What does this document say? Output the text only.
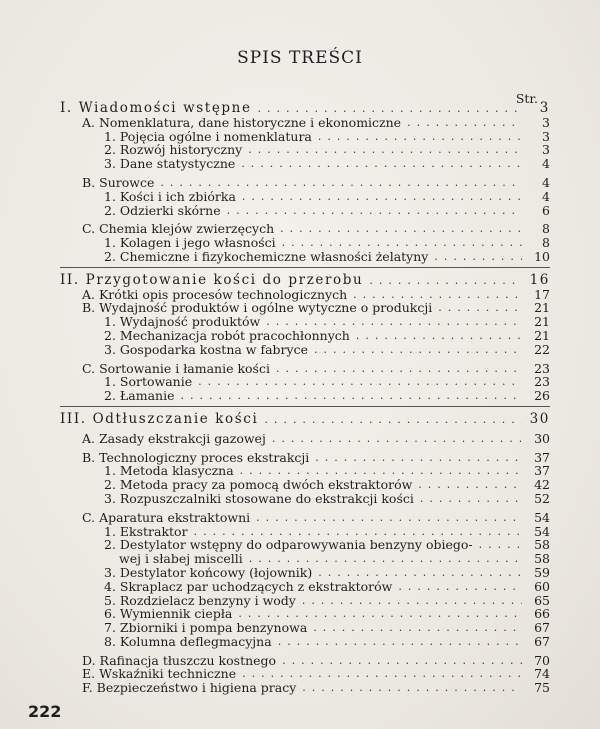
SPIS TREŚCI
Str.
I. Wiadomości wstępne .....	3
A. Nomenklatura, dane historyczne i ekonomiczne .....	3
1. Pojęcia ogólne i nomenklatura .....	3
2. Rozwój historyczny .....	3
3. Dane statystyczne .....	4
B. Surowce .....	4
1. Kości i ich zbiórka .....	4
2. Odzierki skórne .....	6
C. Chemia klejów zwierzęcych .....	8
1. Kolagen i jego własności .....	8
2. Chemiczne i fizykochemiczne własności żelatyny .....	10
II. Przygotowanie kości do przerobu .....	16
A. Krótki opis procesów technologicznych .....	17
B. Wydajność produktów i ogólne wytyczne o produkcji .....	21
1. Wydajność produktów .....	21
2. Mechanizacja robót pracochłonnych .....	21
3. Gospodarka kostna w fabryce .....	22
C. Sortowanie i łamanie kości .....	23
1. Sortowanie .....	23
2. Łamanie .....	26
III. Odtłuszczanie kości .....	30
A. Zasady ekstrakcji gazowej .....	30
B. Technologiczny proces ekstrakcji .....	37
1. Metoda klasyczna .....	37
2. Metoda pracy za pomocą dwóch ekstraktorów .....	42
3. Rozpuszczalniki stosowane do ekstrakcji kości .....	52
C. Aparatura ekstraktowni .....	54
1. Ekstraktor .....	54
2. Destylator wstępny do odparowywania benzyny obiego- .....	58
wej i słabej miscelli .....	58
3. Destylator końcowy (łojownik) .....	59
4. Skraplacz par uchodzących z ekstraktorów .....	60
5. Rozdzielacz benzyny i wody .....	65
6. Wymiennik ciepła .....	66
7. Zbiorniki i pompa benzynowa .....	67
8. Kolumna deflegmacyjna .....	67
D. Rafinacja tłuszczu kostnego .....	70
E. Wskaźniki techniczne .....	74
F. Bezpieczeństwo i higiena pracy .....	75
222
